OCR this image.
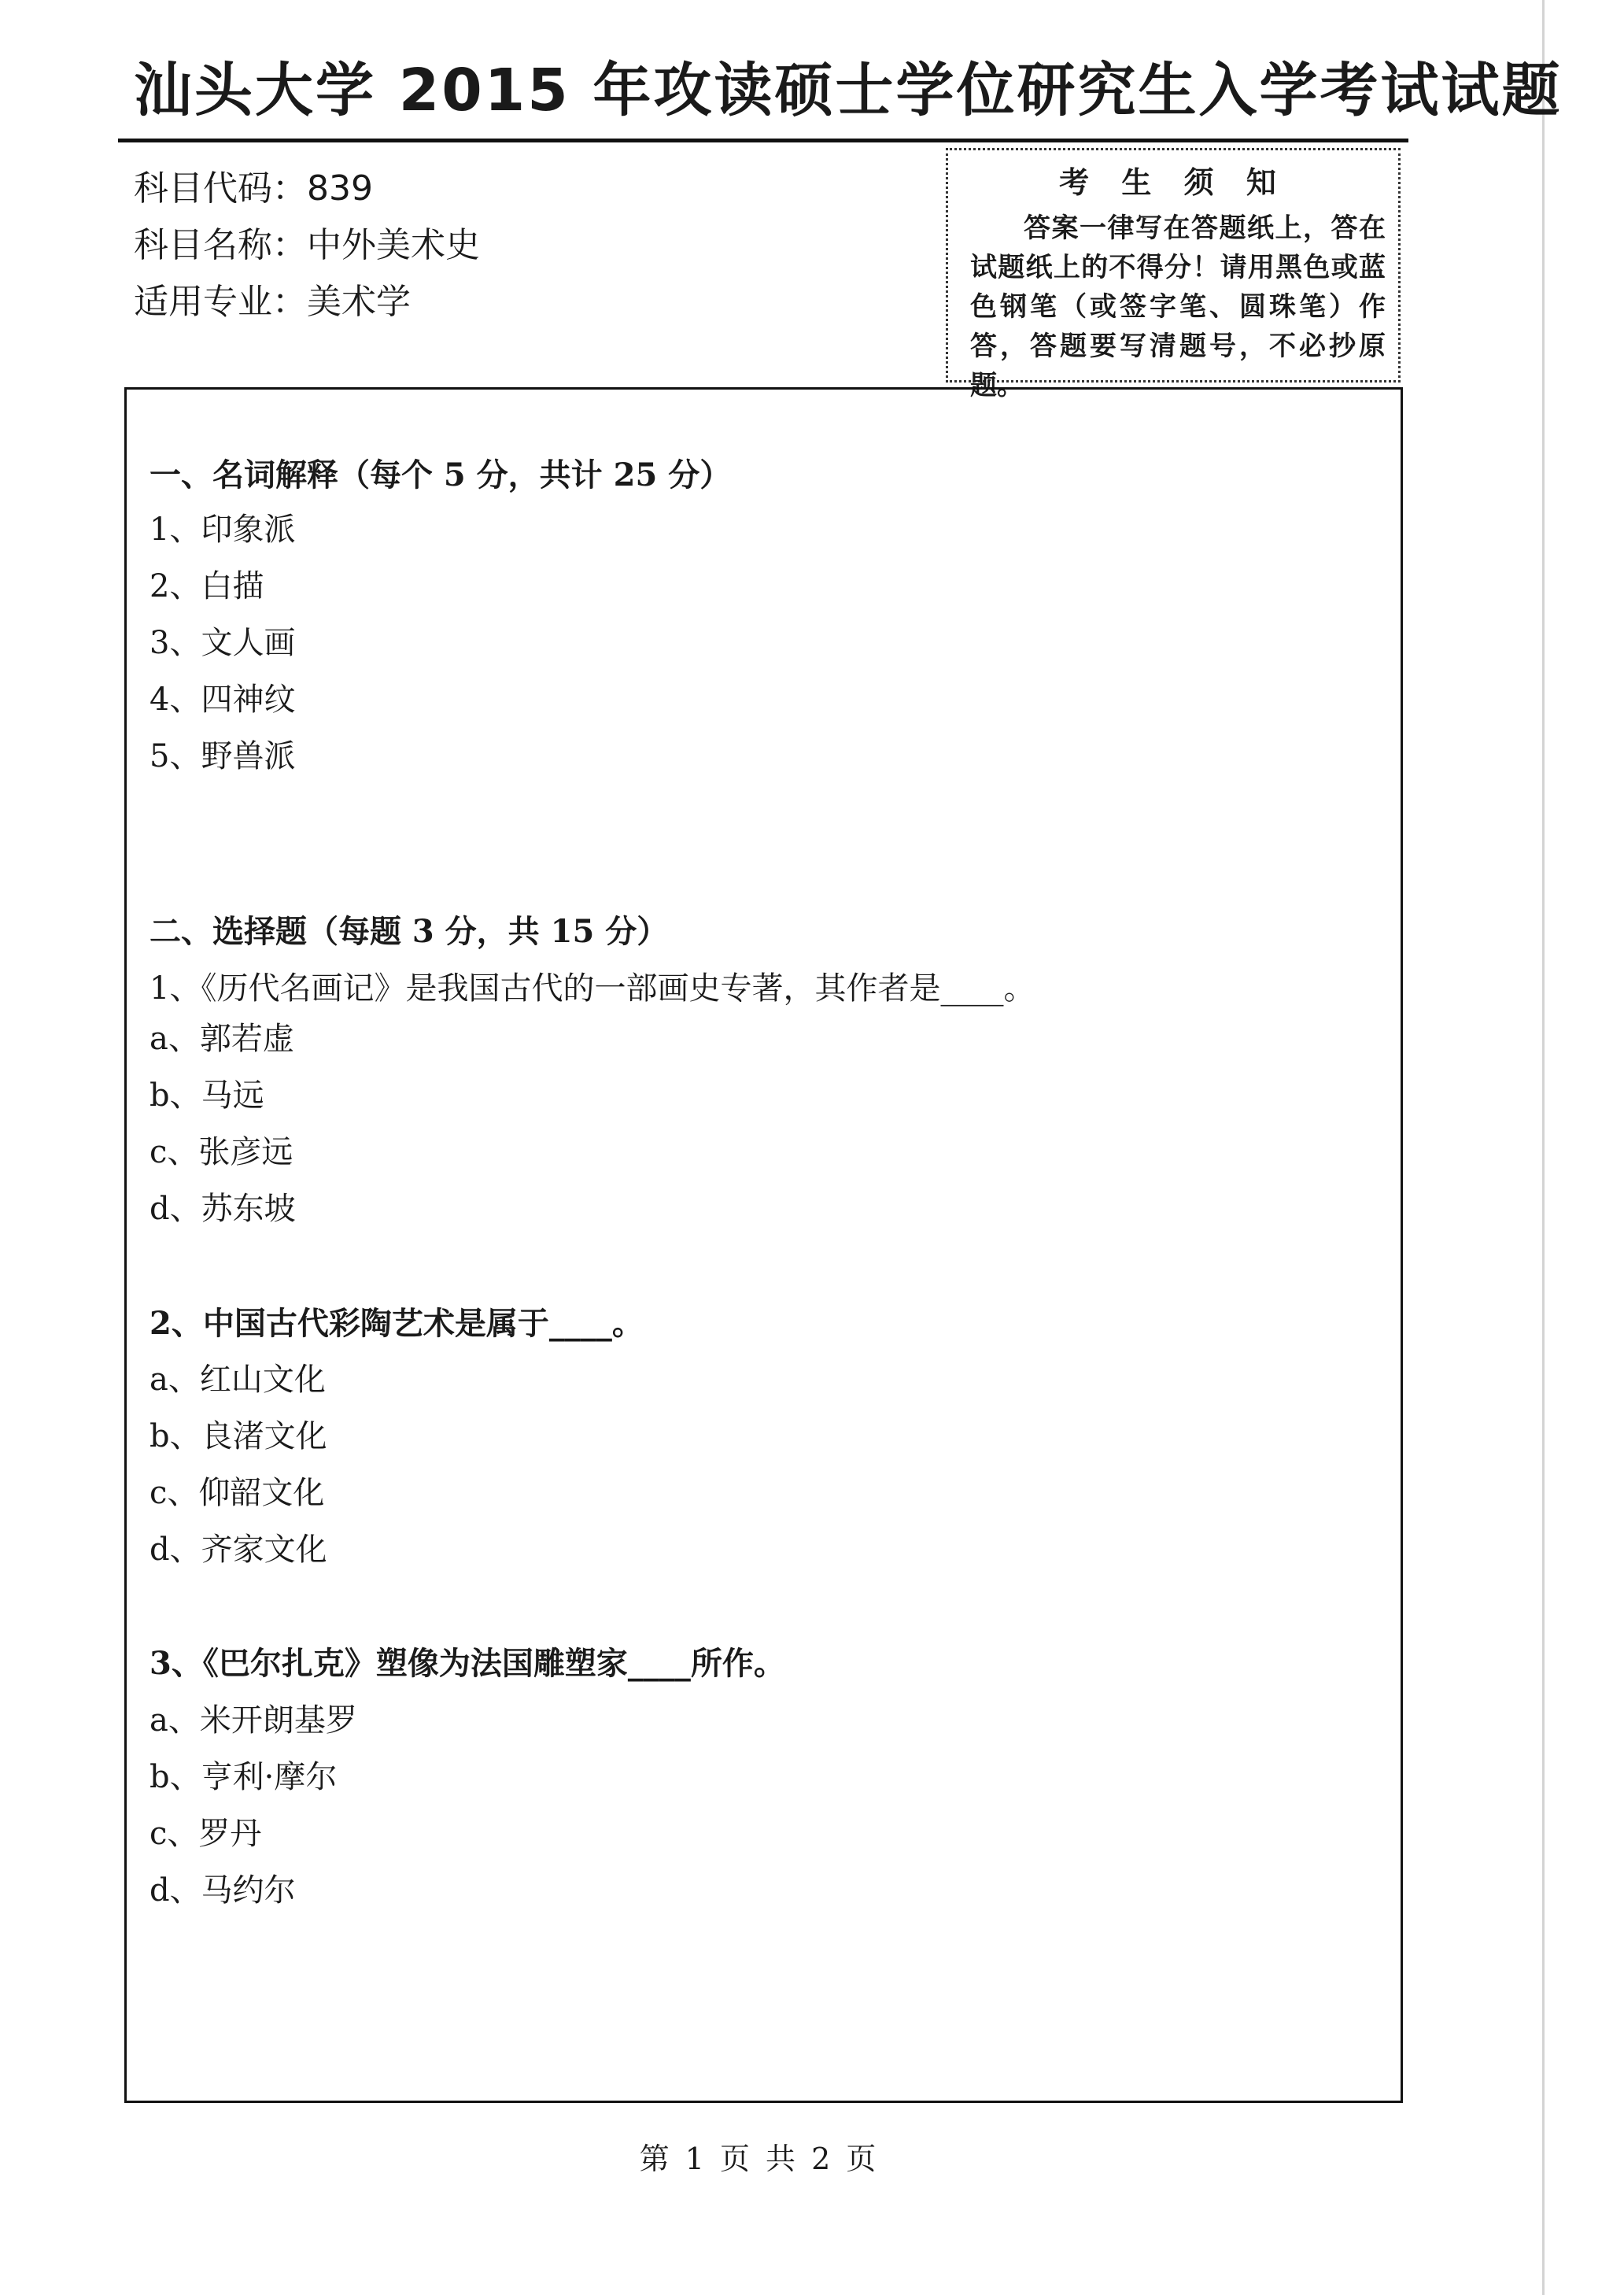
汕头大学 2015 年攻读硕士学位研究生入学考试试题
科目代码：839
科目名称：中外美术史
适用专业：美术学
考 生 须 知
答案一律写在答题纸上，答在试题纸上的不得分！请用黑色或蓝色钢笔（或签字笔、圆珠笔）作答，答题要写清题号，不必抄原题。
一、名词解释（每个 5 分，共计 25 分）
1、印象派
2、白描
3、文人画
4、四神纹
5、野兽派
二、选择题（每题 3 分，共 15 分）
1、《历代名画记》是我国古代的一部画史专著，其作者是____。
a、郭若虚
b、马远
c、张彦远
d、苏东坡
2、中国古代彩陶艺术是属于____。
a、红山文化
b、良渚文化
c、仰韶文化
d、齐家文化
3、《巴尔扎克》塑像为法国雕塑家____所作。
a、米开朗基罗
b、亨利·摩尔
c、罗丹
d、马约尔
第 1 页 共 2 页
